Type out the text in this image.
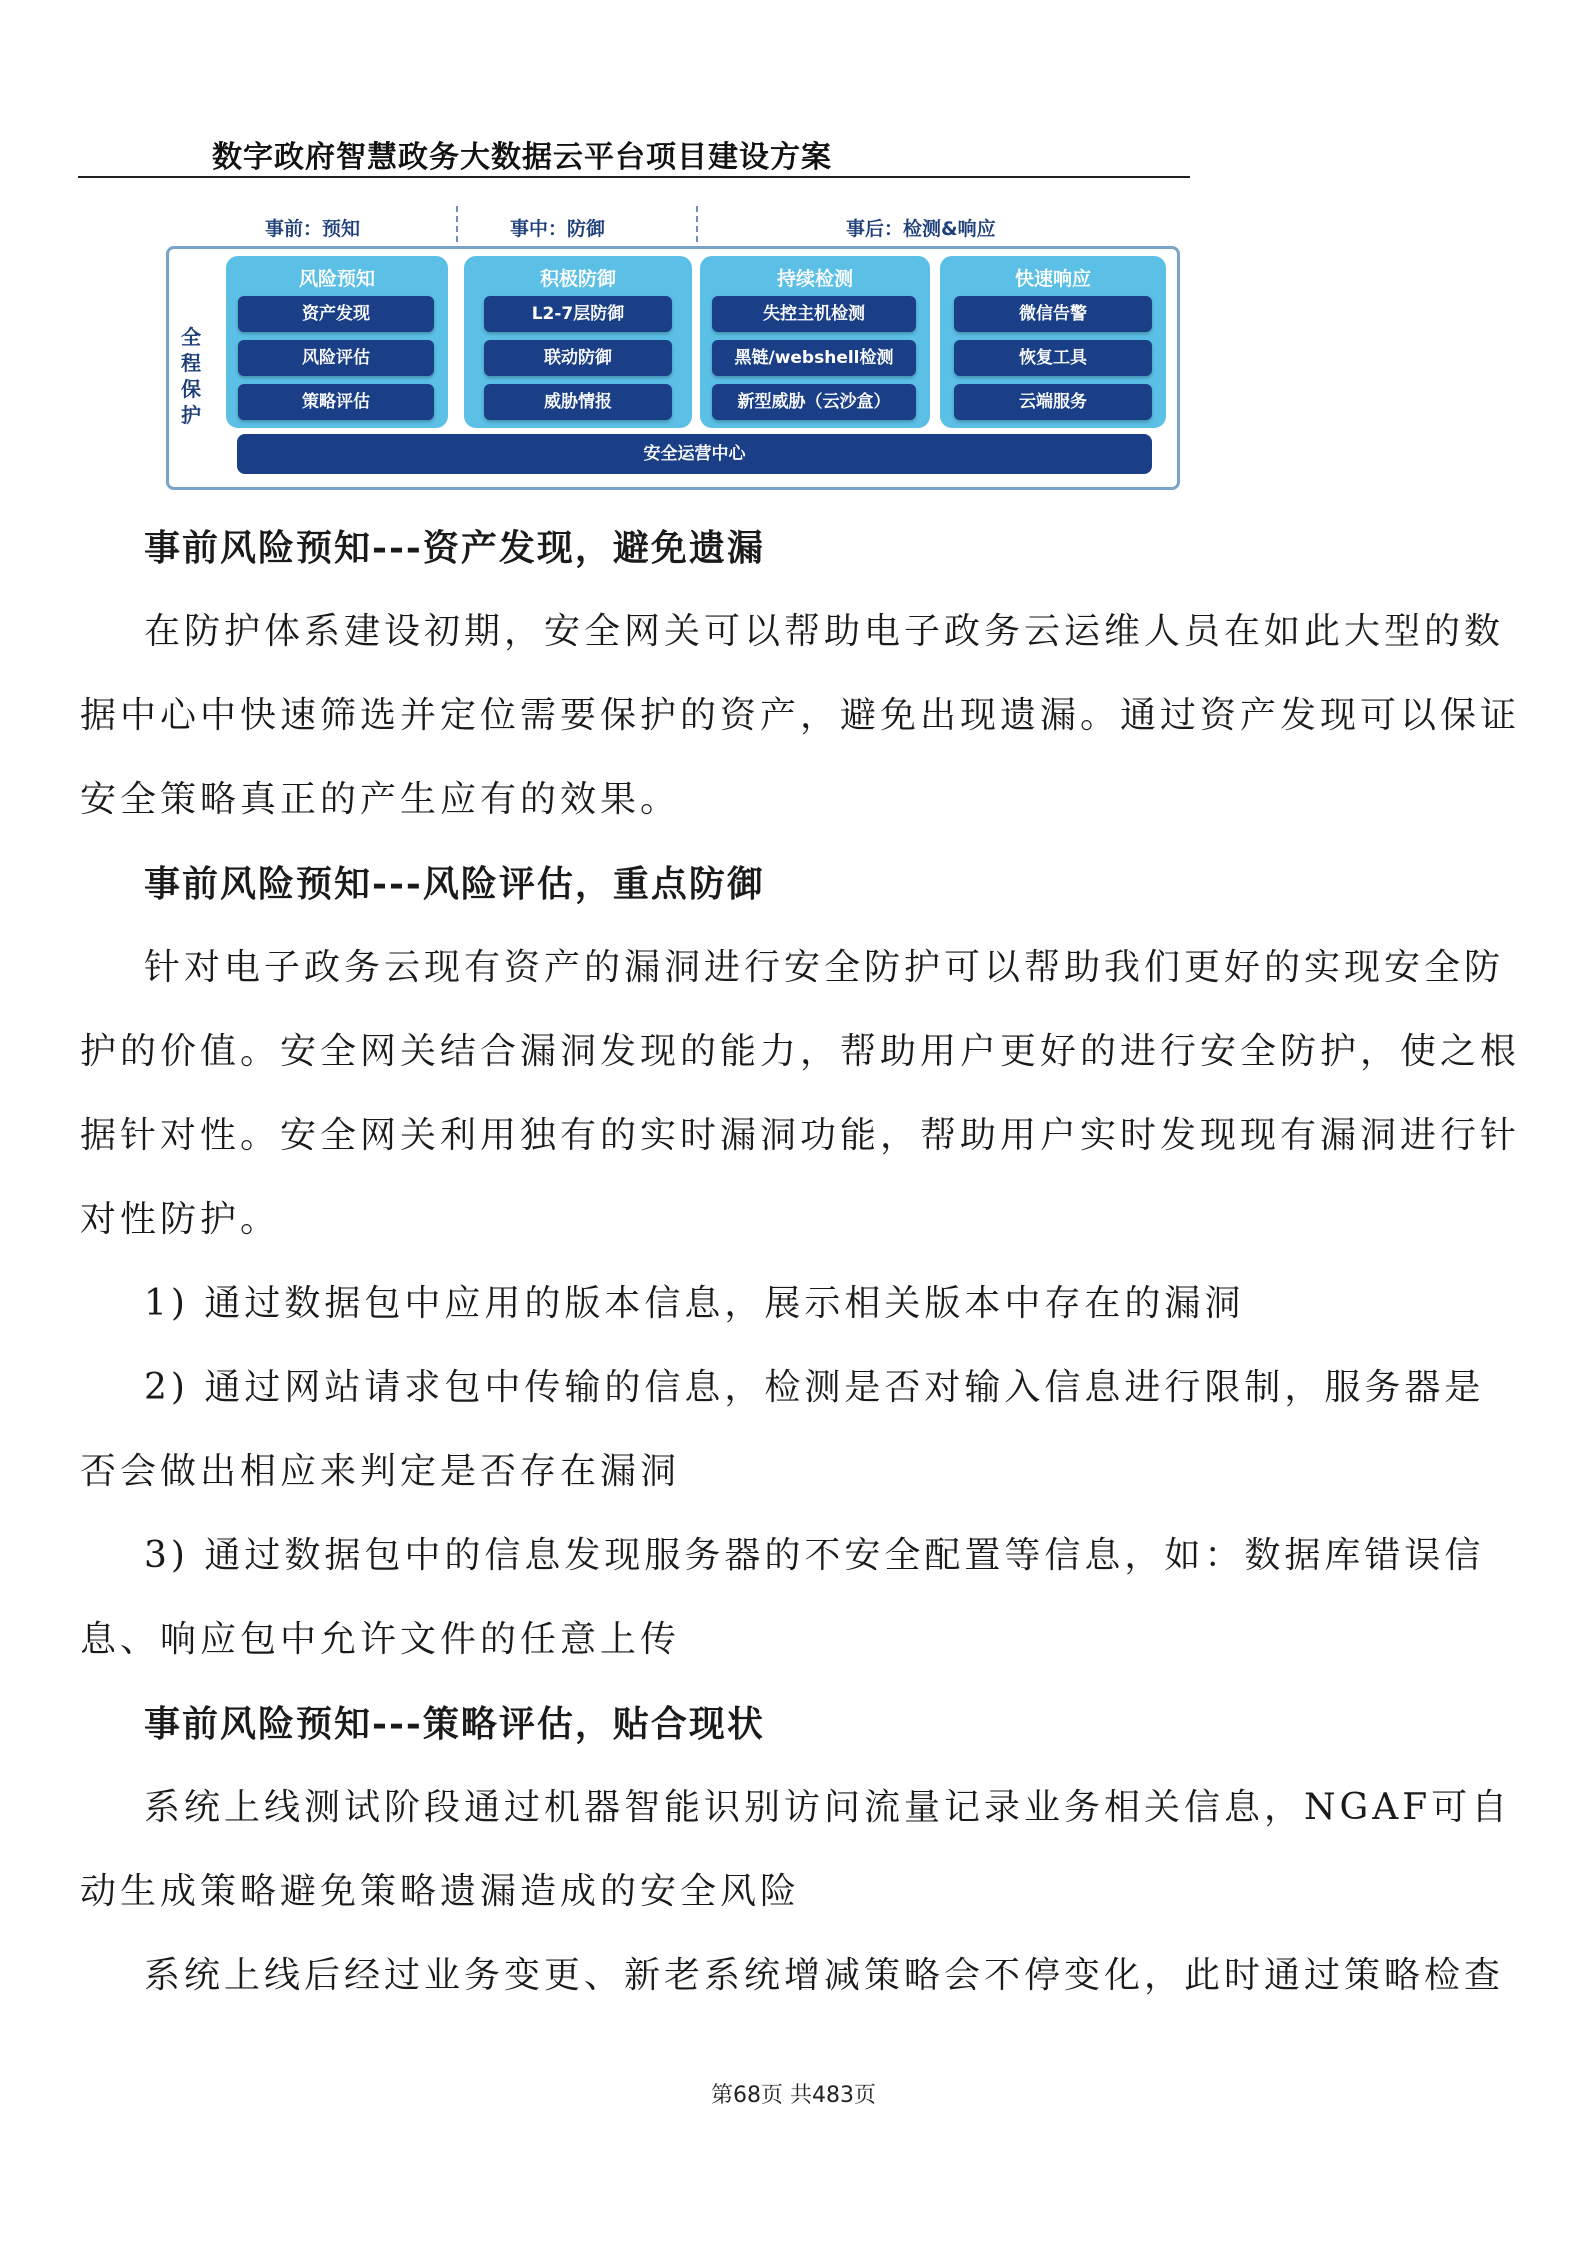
数字政府智慧政务大数据云平台项目建设方案
事前：预知	事中：防御	事后：检测&响应
全
程
保
护
风险预知
资产发现
风险评估
策略评估
积极防御
L2-7层防御
联动防御
威胁情报
持续检测
失控主机检测
黑链/webshell检测
新型威胁（云沙盒）
快速响应
微信告警
恢复工具
云端服务
安全运营中心
事前风险预知---资产发现，避免遗漏
在防护体系建设初期，安全网关可以帮助电子政务云运维人员在如此大型的数据中心中快速筛选并定位需要保护的资产，避免出现遗漏。通过资产发现可以保证安全策略真正的产生应有的效果。
事前风险预知---风险评估，重点防御
针对电子政务云现有资产的漏洞进行安全防护可以帮助我们更好的实现安全防护的价值。安全网关结合漏洞发现的能力，帮助用户更好的进行安全防护，使之根据针对性。安全网关利用独有的实时漏洞功能，帮助用户实时发现现有漏洞进行针对性防护。
1) 通过数据包中应用的版本信息，展示相关版本中存在的漏洞
2) 通过网站请求包中传输的信息，检测是否对输入信息进行限制，服务器是否会做出相应来判定是否存在漏洞
3) 通过数据包中的信息发现服务器的不安全配置等信息，如：数据库错误信息、响应包中允许文件的任意上传
事前风险预知---策略评估，贴合现状
系统上线测试阶段通过机器智能识别访问流量记录业务相关信息，NGAF可自动生成策略避免策略遗漏造成的安全风险
系统上线后经过业务变更、新老系统增减策略会不停变化，此时通过策略检查
第68页 共483页
